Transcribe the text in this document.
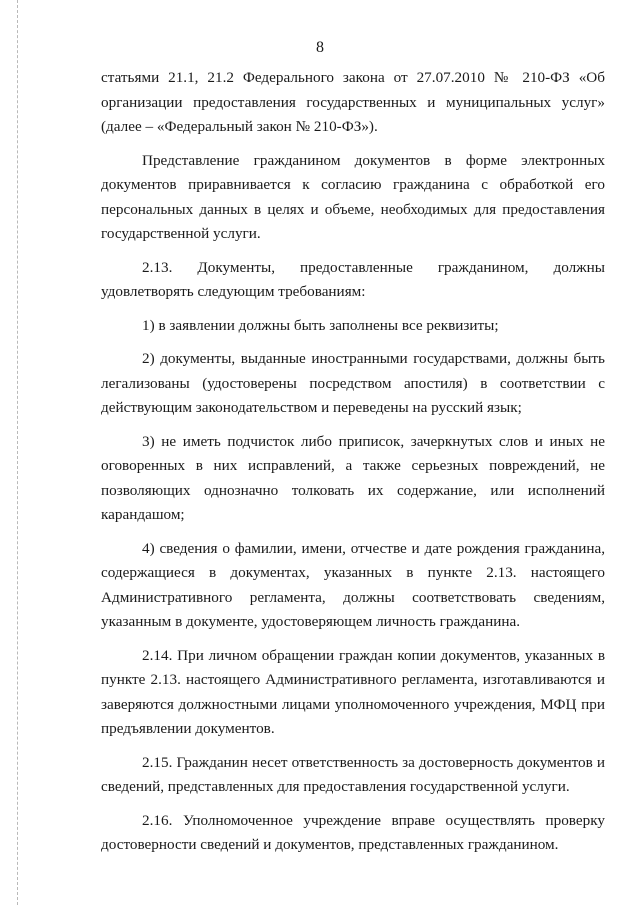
8

статьями 21.1, 21.2 Федерального закона от 27.07.2010 № 210-ФЗ «Об организации предоставления государственных и муниципальных услуг» (далее – «Федеральный закон № 210-ФЗ»).

Представление гражданином документов в форме электронных документов приравнивается к согласию гражданина с обработкой его персональных данных в целях и объеме, необходимых для предоставления государственной услуги.

2.13. Документы, предоставленные гражданином, должны удовлетворять следующим требованиям:

1) в заявлении должны быть заполнены все реквизиты;

2) документы, выданные иностранными государствами, должны быть легализованы (удостоверены посредством апостиля) в соответствии с действующим законодательством и переведены на русский язык;

3) не иметь подчисток либо приписок, зачеркнутых слов и иных не оговоренных в них исправлений, а также серьезных повреждений, не позволяющих однозначно толковать их содержание, или исполнений карандашом;

4) сведения о фамилии, имени, отчестве и дате рождения гражданина, содержащиеся в документах, указанных в пункте 2.13. настоящего Административного регламента, должны соответствовать сведениям, указанным в документе, удостоверяющем личность гражданина.

2.14. При личном обращении граждан копии документов, указанных в пункте 2.13. настоящего Административного регламента, изготавливаются и заверяются должностными лицами уполномоченного учреждения, МФЦ при предъявлении документов.

2.15. Гражданин несет ответственность за достоверность документов и сведений, представленных для предоставления государственной услуги.

2.16. Уполномоченное учреждение вправе осуществлять проверку достоверности сведений и документов, представленных гражданином.
